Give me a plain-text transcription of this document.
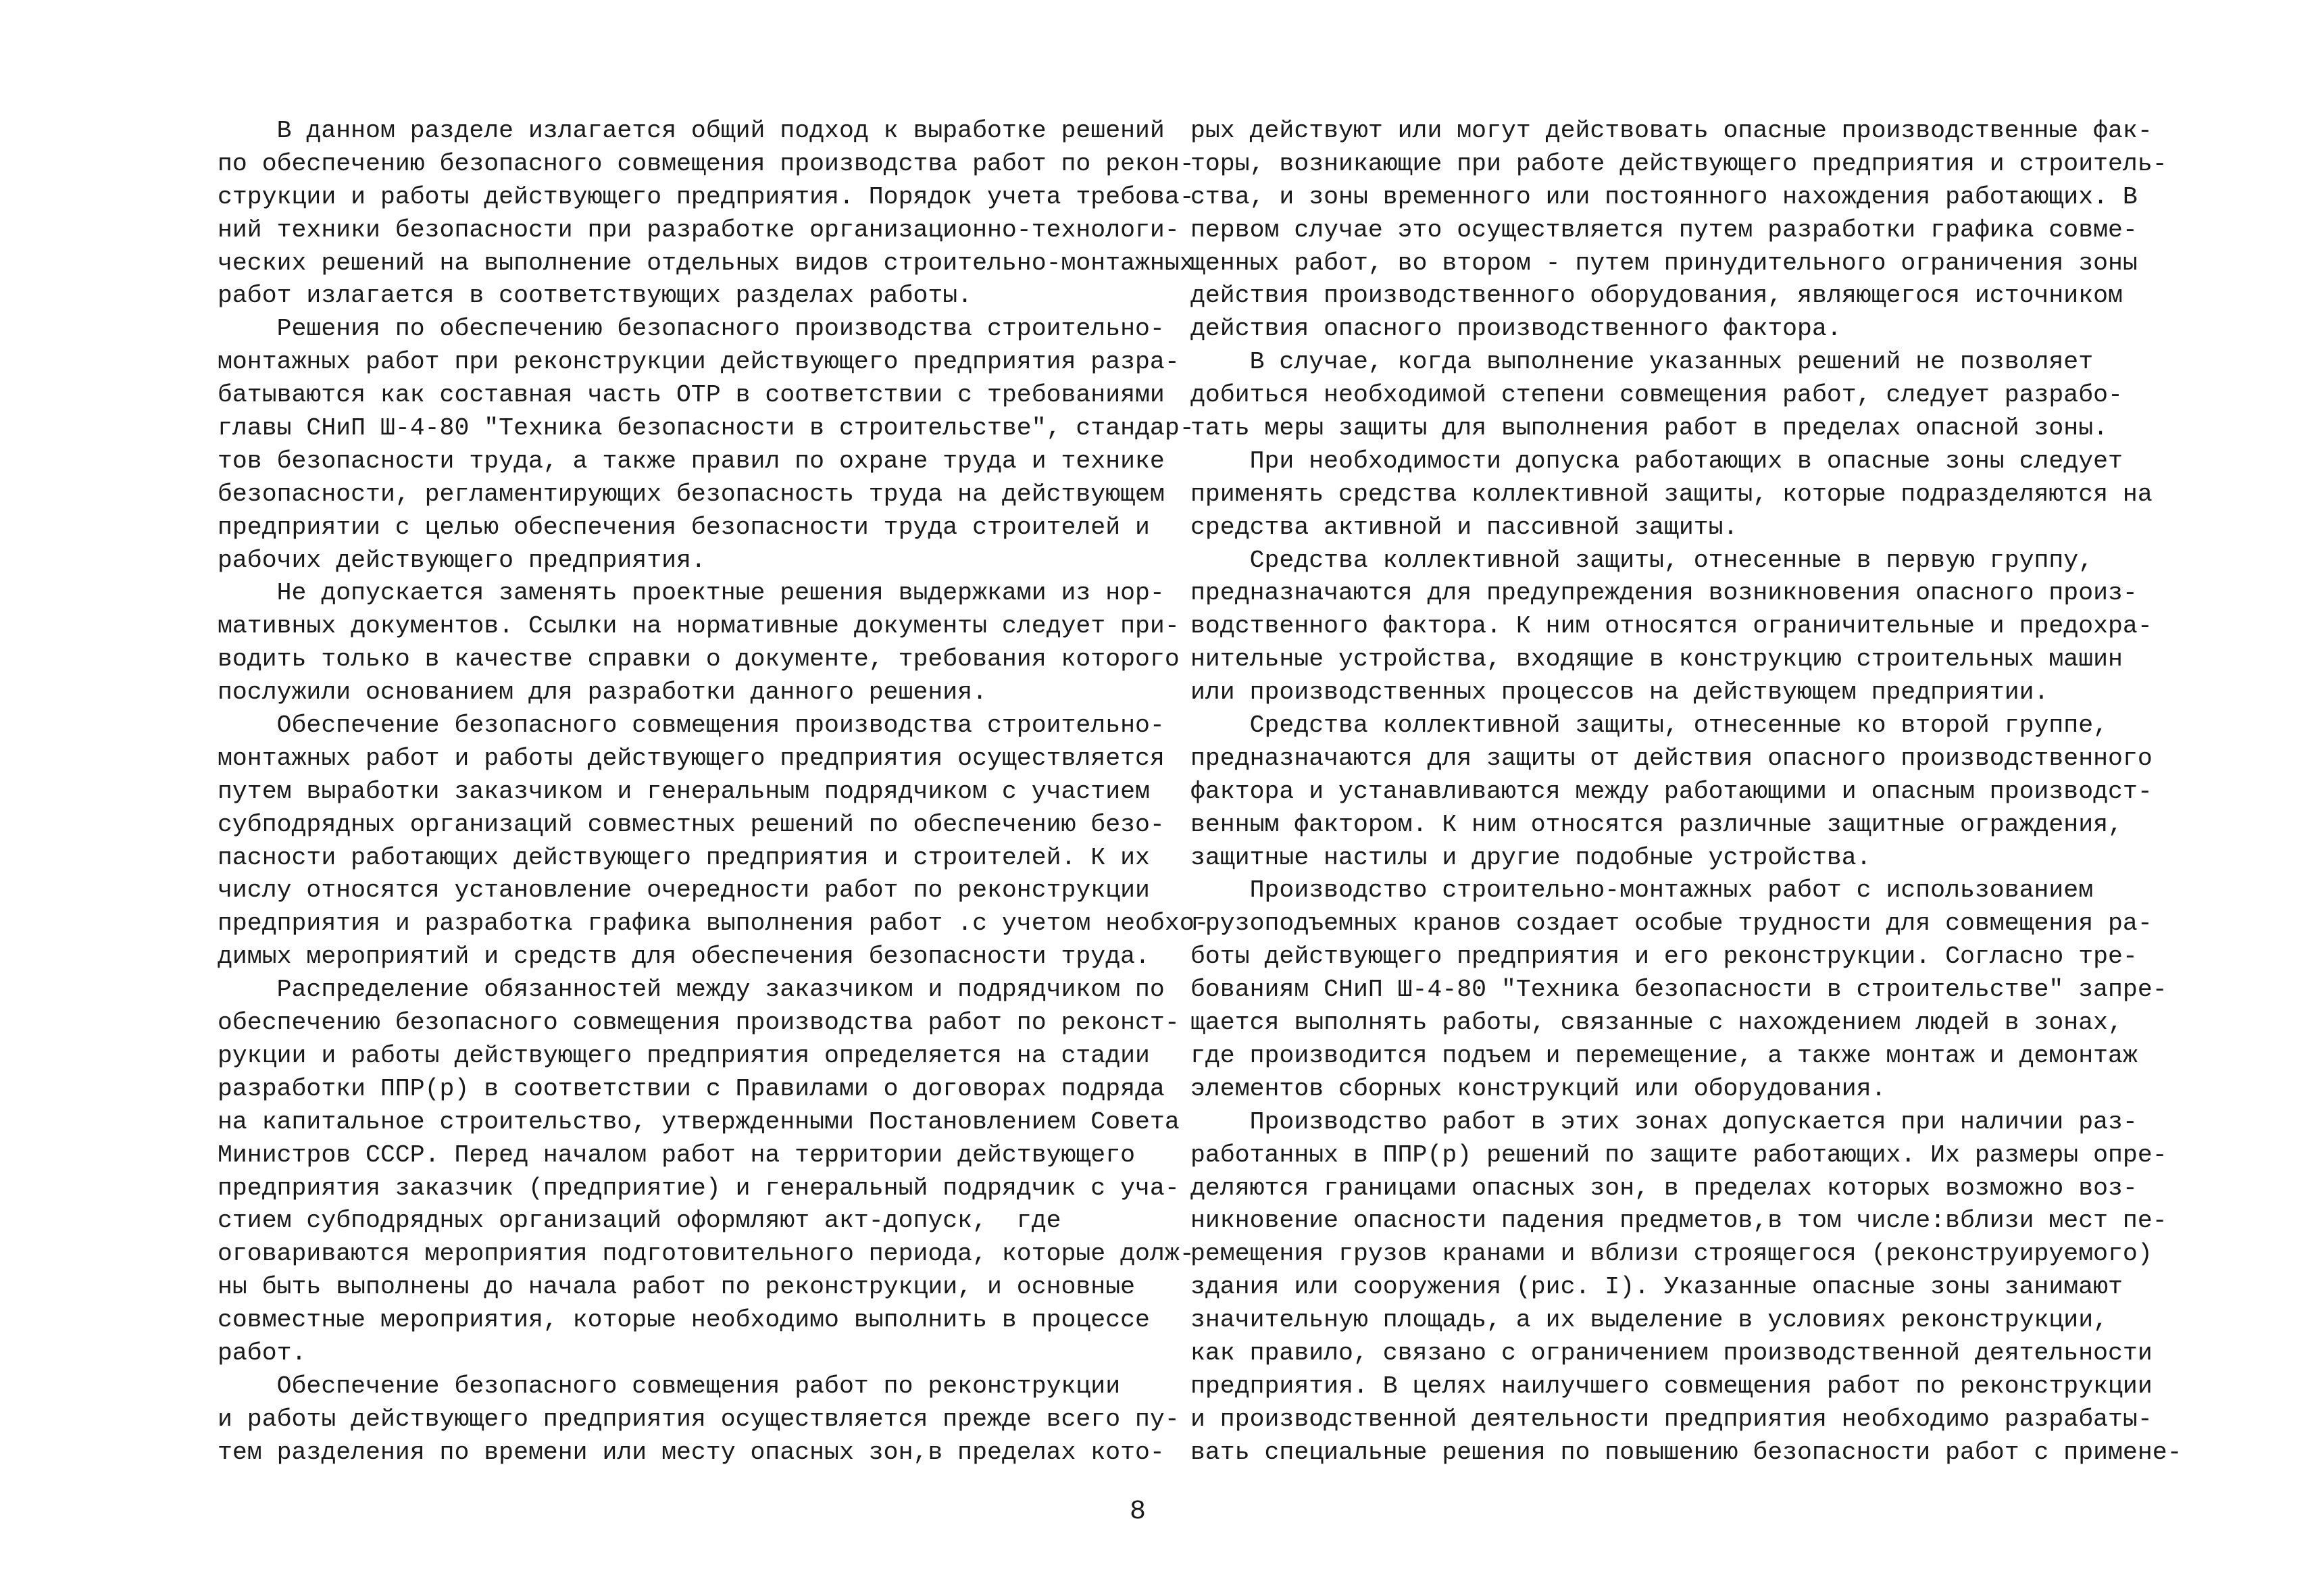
В данном разделе излагается общий подход к выработке решений
по обеспечению безопасного совмещения производства работ по рекон-
струкции и работы действующего предприятия. Порядок учета требова-
ний техники безопасности при разработке организационно-технологи-
ческих решений на выполнение отдельных видов строительно-монтажных
работ излагается в соответствующих разделах работы.
Решения по обеспечению безопасного производства строительно-
монтажных работ при реконструкции действующего предприятия разра-
батываются как составная часть ОТР в соответствии с требованиями
главы СНиП Ш-4-80 "Техника безопасности в строительстве", стандар-
тов безопасности труда, а также правил по охране труда и технике
безопасности, регламентирующих безопасность труда на действующем
предприятии с целью обеспечения безопасности труда строителей и
рабочих действующего предприятия.
Не допускается заменять проектные решения выдержками из нор-
мативных документов. Ссылки на нормативные документы следует при-
водить только в качестве справки о документе, требования которого
послужили основанием для разработки данного решения.
Обеспечение безопасного совмещения производства строительно-
монтажных работ и работы действующего предприятия осуществляется
путем выработки заказчиком и генеральным подрядчиком с участием
субподрядных организаций совместных решений по обеспечению безо-
пасности работающих действующего предприятия и строителей. К их
числу относятся установление очередности работ по реконструкции
предприятия и разработка графика выполнения работ .с учетом необхо-
димых мероприятий и средств для обеспечения безопасности труда.
Распределение обязанностей между заказчиком и подрядчиком по
обеспечению безопасного совмещения производства работ по реконст-
рукции и работы действующего предприятия определяется на стадии
разработки ППР(р) в соответствии с Правилами о договорах подряда
на капитальное строительство, утвержденными Постановлением Совета
Министров СССР. Перед началом работ на территории действующего
предприятия заказчик (предприятие) и генеральный подрядчик с уча-
стием субподрядных организаций оформляют акт-допуск,  где
оговариваются мероприятия подготовительного периода, которые долж-
ны быть выполнены до начала работ по реконструкции, и основные
совместные мероприятия, которые необходимо выполнить в процессе
работ.
Обеспечение безопасного совмещения работ по реконструкции
и работы действующего предприятия осуществляется прежде всего пу-
тем разделения по времени или месту опасных зон,в пределах кото-
рых действуют или могут действовать опасные производственные фак-
торы, возникающие при работе действующего предприятия и строитель-
ства, и зоны временного или постоянного нахождения работающих. В
первом случае это осуществляется путем разработки графика совме-
щенных работ, во втором - путем принудительного ограничения зоны
действия производственного оборудования, являющегося источником
действия опасного производственного фактора.
В случае, когда выполнение указанных решений не позволяет
добиться необходимой степени совмещения работ, следует разрабо-
тать меры защиты для выполнения работ в пределах опасной зоны.
При необходимости допуска работающих в опасные зоны следует
применять средства коллективной защиты, которые подразделяются на
средства активной и пассивной защиты.
Средства коллективной защиты, отнесенные в первую группу,
предназначаются для предупреждения возникновения опасного произ-
водственного фактора. К ним относятся ограничительные и предохра-
нительные устройства, входящие в конструкцию строительных машин
или производственных процессов на действующем предприятии.
Средства коллективной защиты, отнесенные ко второй группе,
предназначаются для защиты от действия опасного производственного
фактора и устанавливаются между работающими и опасным производст-
венным фактором. К ним относятся различные защитные ограждения,
защитные настилы и другие подобные устройства.
Производство строительно-монтажных работ с использованием
грузоподъемных кранов создает особые трудности для совмещения ра-
боты действующего предприятия и его реконструкции. Согласно тре-
бованиям СНиП Ш-4-80 "Техника безопасности в строительстве" запре-
щается выполнять работы, связанные с нахождением людей в зонах,
где производится подъем и перемещение, а также монтаж и демонтаж
элементов сборных конструкций или оборудования.
Производство работ в этих зонах допускается при наличии раз-
работанных в ППР(р) решений по защите работающих. Их размеры опре-
деляются границами опасных зон, в пределах которых возможно воз-
никновение опасности падения предметов,в том числе:вблизи мест пе-
ремещения грузов кранами и вблизи строящегося (реконструируемого)
здания или сооружения (рис. I). Указанные опасные зоны занимают
значительную площадь, а их выделение в условиях реконструкции,
как правило, связано с ограничением производственной деятельности
предприятия. В целях наилучшего совмещения работ по реконструкции
и производственной деятельности предприятия необходимо разрабаты-
вать специальные решения по повышению безопасности работ с примене-
8
